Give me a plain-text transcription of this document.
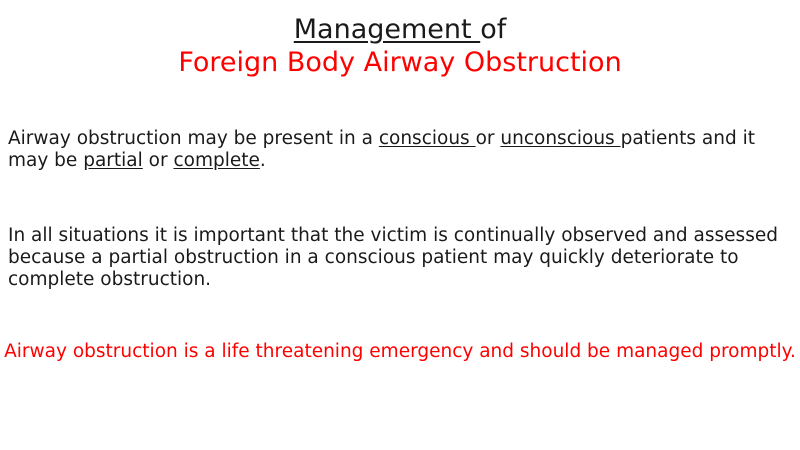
Management of

Foreign Body Airway Obstruction

Airway obstruction may be present in a conscious or unconscious patients and it may be partial or complete.

In all situations it is important that the victim is continually observed and assessed because a partial obstruction in a conscious patient may quickly deteriorate to complete obstruction.

Airway obstruction is a life threatening emergency and should be managed promptly.
